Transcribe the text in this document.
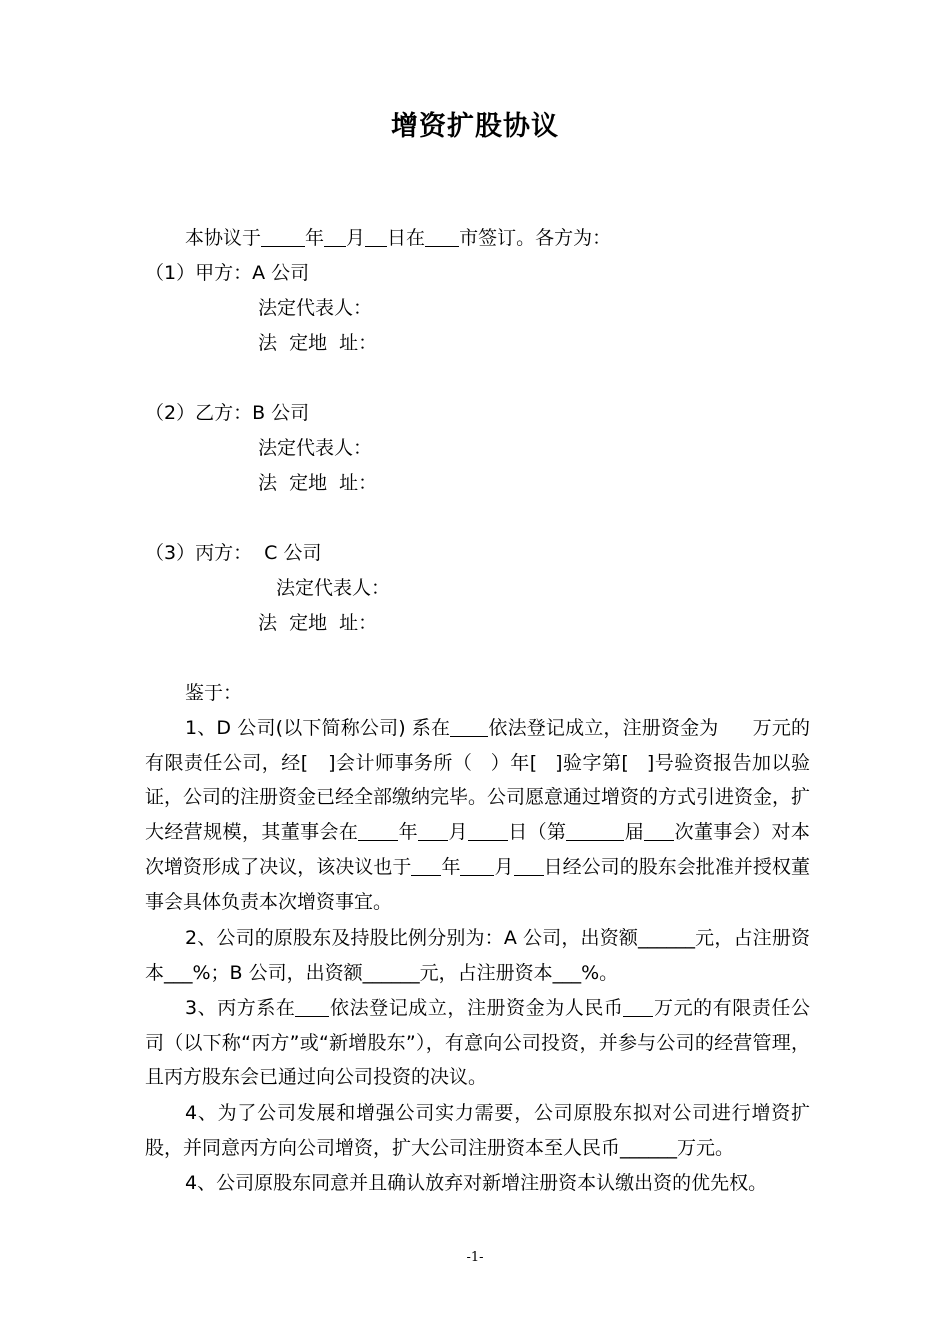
增资扩股协议
本协议于 年 月 日在 市签订。各方为：
（1）甲方：A 公司
法定代表人：
法  定地  址：
（2）乙方：B 公司
法定代表人：
法  定地  址：
（3）丙方：  C 公司
法定代表人：
法  定地  址：
鉴于：
1、D 公司(以下简称公司) 系在 依法登记成立，注册资金为 万元的有限责任公司，经[ ]会计师事务所（ ）年[ ]验字第[ ]号验资报告加以验证，公司的注册资金已经全部缴纳完毕。公司愿意通过增资的方式引进资金，扩大经营规模，其董事会在 年 月 日（第	届 次董事会）对本次增资形成了决议，该决议也于 年 月 日经公司的股东会批准并授权董事会具体负责本次增资事宜。
2、公司的原股东及持股比例分别为：A 公司，出资额______元，占注册资本___%；B 公司，出资额______元，占注册资本___%。
3、丙方系在 依法登记成立，注册资金为人民币 万元的有限责任公司（以下称“丙方”或“新增股东”），有意向公司投资，并参与公司的经营管理，且丙方股东会已通过向公司投资的决议。
4、为了公司发展和增强公司实力需要，公司原股东拟对公司进行增资扩股，并同意丙方向公司增资，扩大公司注册资本至人民币______万元。
4、公司原股东同意并且确认放弃对新增注册资本认缴出资的优先权。
-1-
